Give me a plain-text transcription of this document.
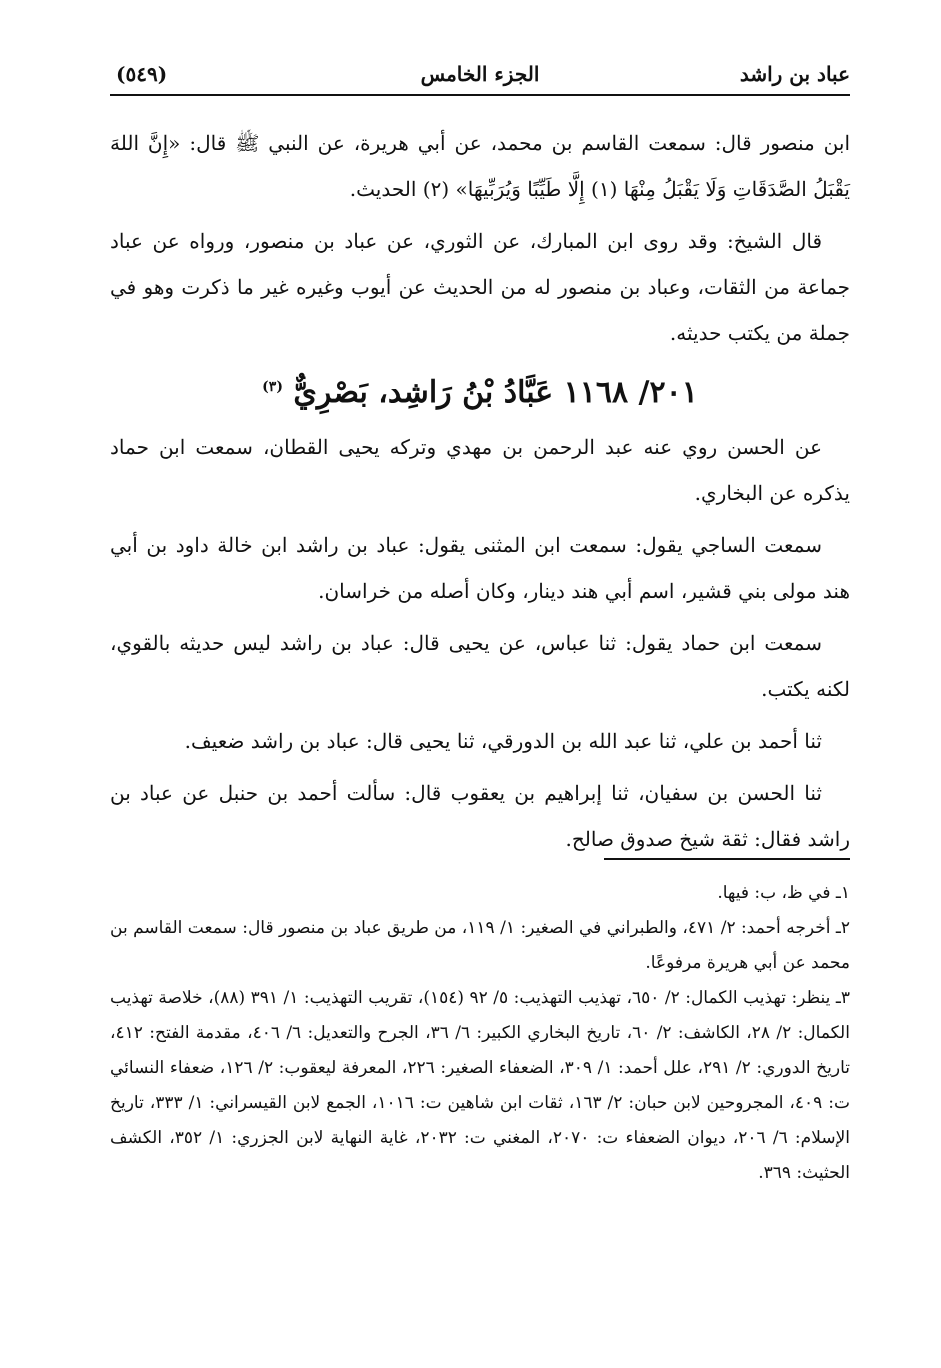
عباد بن راشد
الجزء الخامس
(٥٤٩)

ابن منصور قال: سمعت القاسم بن محمد، عن أبي هريرة، عن النبي ﷺ قال: «إِنَّ اللهَ يَقْبَلُ الصَّدَقَاتِ وَلَا يَقْبَلُ مِنْهَا (١) إِلَّا طَيِّبًا وَيُرَبِّيهَا» (٢) الحديث.

قال الشيخ: وقد روى ابن المبارك، عن الثوري، عن عباد بن منصور، ورواه عن عباد جماعة من الثقات، وعباد بن منصور له من الحديث عن أيوب وغيره غير ما ذكرت وهو في جملة من يكتب حديثه.

٢٠١/ ١١٦٨ عَبَّادُ بْنُ رَاشِد، بَصْرِيٌّ $^{(٣)}$

عن الحسن روي عنه عبد الرحمن بن مهدي وتركه يحيى القطان، سمعت ابن حماد يذكره عن البخاري.

سمعت الساجي يقول: سمعت ابن المثنى يقول: عباد بن راشد ابن خالة داود بن أبي هند مولى بني قشير، اسم أبي هند دينار، وكان أصله من خراسان.

سمعت ابن حماد يقول: ثنا عباس، عن يحيى قال: عباد بن راشد ليس حديثه بالقوي، لكنه يكتب.

ثنا أحمد بن علي، ثنا عبد الله بن الدورقي، ثنا يحيى قال: عباد بن راشد ضعيف.

ثنا الحسن بن سفيان، ثنا إبراهيم بن يعقوب قال: سألت أحمد بن حنبل عن عباد بن راشد فقال: ثقة شيخ صدوق صالح.

١ـ في ظ، ب: فيها.

٢ـ أخرجه أحمد: ٢/ ٤٧١، والطبراني في الصغير: ١/ ١١٩، من طريق عباد بن منصور قال: سمعت القاسم بن محمد عن أبي هريرة مرفوعًا.

٣ـ ينظر: تهذيب الكمال: ٢/ ٦٥٠، تهذيب التهذيب: ٥/ ٩٢ (١٥٤)، تقريب التهذيب: ١/ ٣٩١ (٨٨)، خلاصة تهذيب الكمال: ٢/ ٢٨، الكاشف: ٢/ ٦٠، تاريخ البخاري الكبير: ٦/ ٣٦، الجرح والتعديل: ٦/ ٤٠٦، مقدمة الفتح: ٤١٢، تاريخ الدوري: ٢/ ٢٩١، علل أحمد: ١/ ٣٠٩، الضعفاء الصغير: ٢٢٦، المعرفة ليعقوب: ٢/ ١٢٦، ضعفاء النسائي ت: ٤٠٩، المجروحين لابن حبان: ٢/ ١٦٣، ثقات ابن شاهين ت: ١٠١٦، الجمع لابن القيسراني: ١/ ٣٣٣، تاريخ الإسلام: ٦/ ٢٠٦، ديوان الضعفاء ت: ٢٠٧٠، المغني ت: ٢٠٣٢، غاية النهاية لابن الجزري: ١/ ٣٥٢، الكشف الحثيث: ٣٦٩.
